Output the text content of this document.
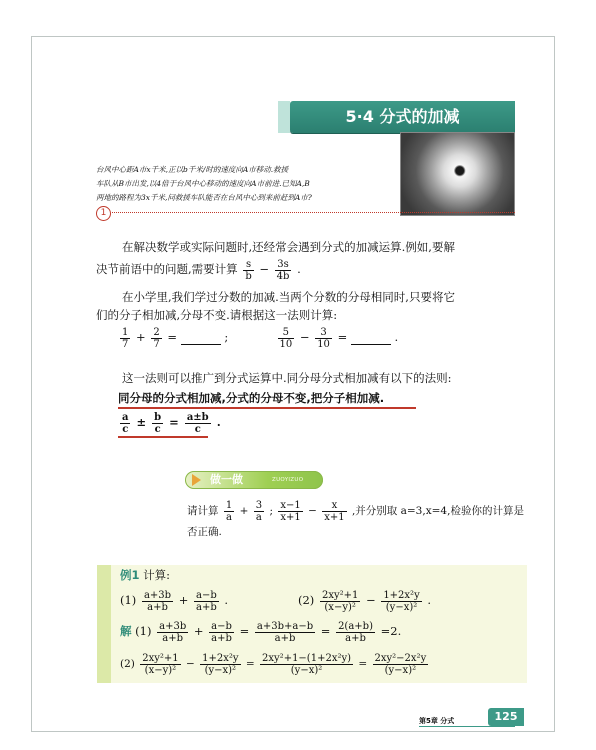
5·4 分式的加减
台风中心距A市x千米,正以b千米/时的速度向A市移动.救援
车队从B市出发,以4倍于台风中心移动的速度向A市前进.已知A,B
两地的路程为3x千米,问救援车队能否在台风中心到来前赶到A市?
1
在解决数学或实际问题时,还经常会遇到分式的加减运算.例如,要解
决节前语中的问题,需要计算 $\frac{s}{b} - \frac{3s}{4b}$ .
在小学里,我们学过分数的加减.当两个分数的分母相同时,只要将它
们的分子相加减,分母不变.请根据这一法则计算:
$\frac{1}{7} + \frac{2}{7}$ =	;	$\frac{5}{10} - \frac{3}{10}$ =	.
这一法则可以推广到分式运算中.同分母分式相加减有以下的法则:
同分母的分式相加减,分式的分母不变,把分子相加减.
$\frac{a}{c} \pm \frac{b}{c} = \frac{a\pm b}{c}$ .
做一做	ZUOYIZUO
请计算 $\frac{1}{a} + \frac{3}{a}$ ; $\frac{x-1}{x+1} - \frac{x}{x+1}$ ,并分别取 a=3,x=4,检验你的计算是
否正确.
例1 计算:
$(1) \frac{a+3b}{a+b} + \frac{a-b}{a+b}$ .	$(2) \frac{\text{2xy²+1}}{\text{(x−y)²}} - \frac{\text{1+2x²y}}{\text{(y−x)²}}$ .
解 $(1) \frac{a+3b}{a+b} + \frac{a-b}{a+b} = \frac{a+3b+a-b}{a+b} = \frac{2(a+b)}{a+b} =2$.
$(2) \frac{\text{2xy²+1}}{\text{(x−y)²}} - \frac{\text{1+2x²y}}{\text{(y−x)²}} = \frac{\text{2xy²+1−(1+2x²y)}}{\text{(y−x)²}} = \frac{\text{2xy²−2x²y}}{\text{(y−x)²}}$
第5章 分式	125
